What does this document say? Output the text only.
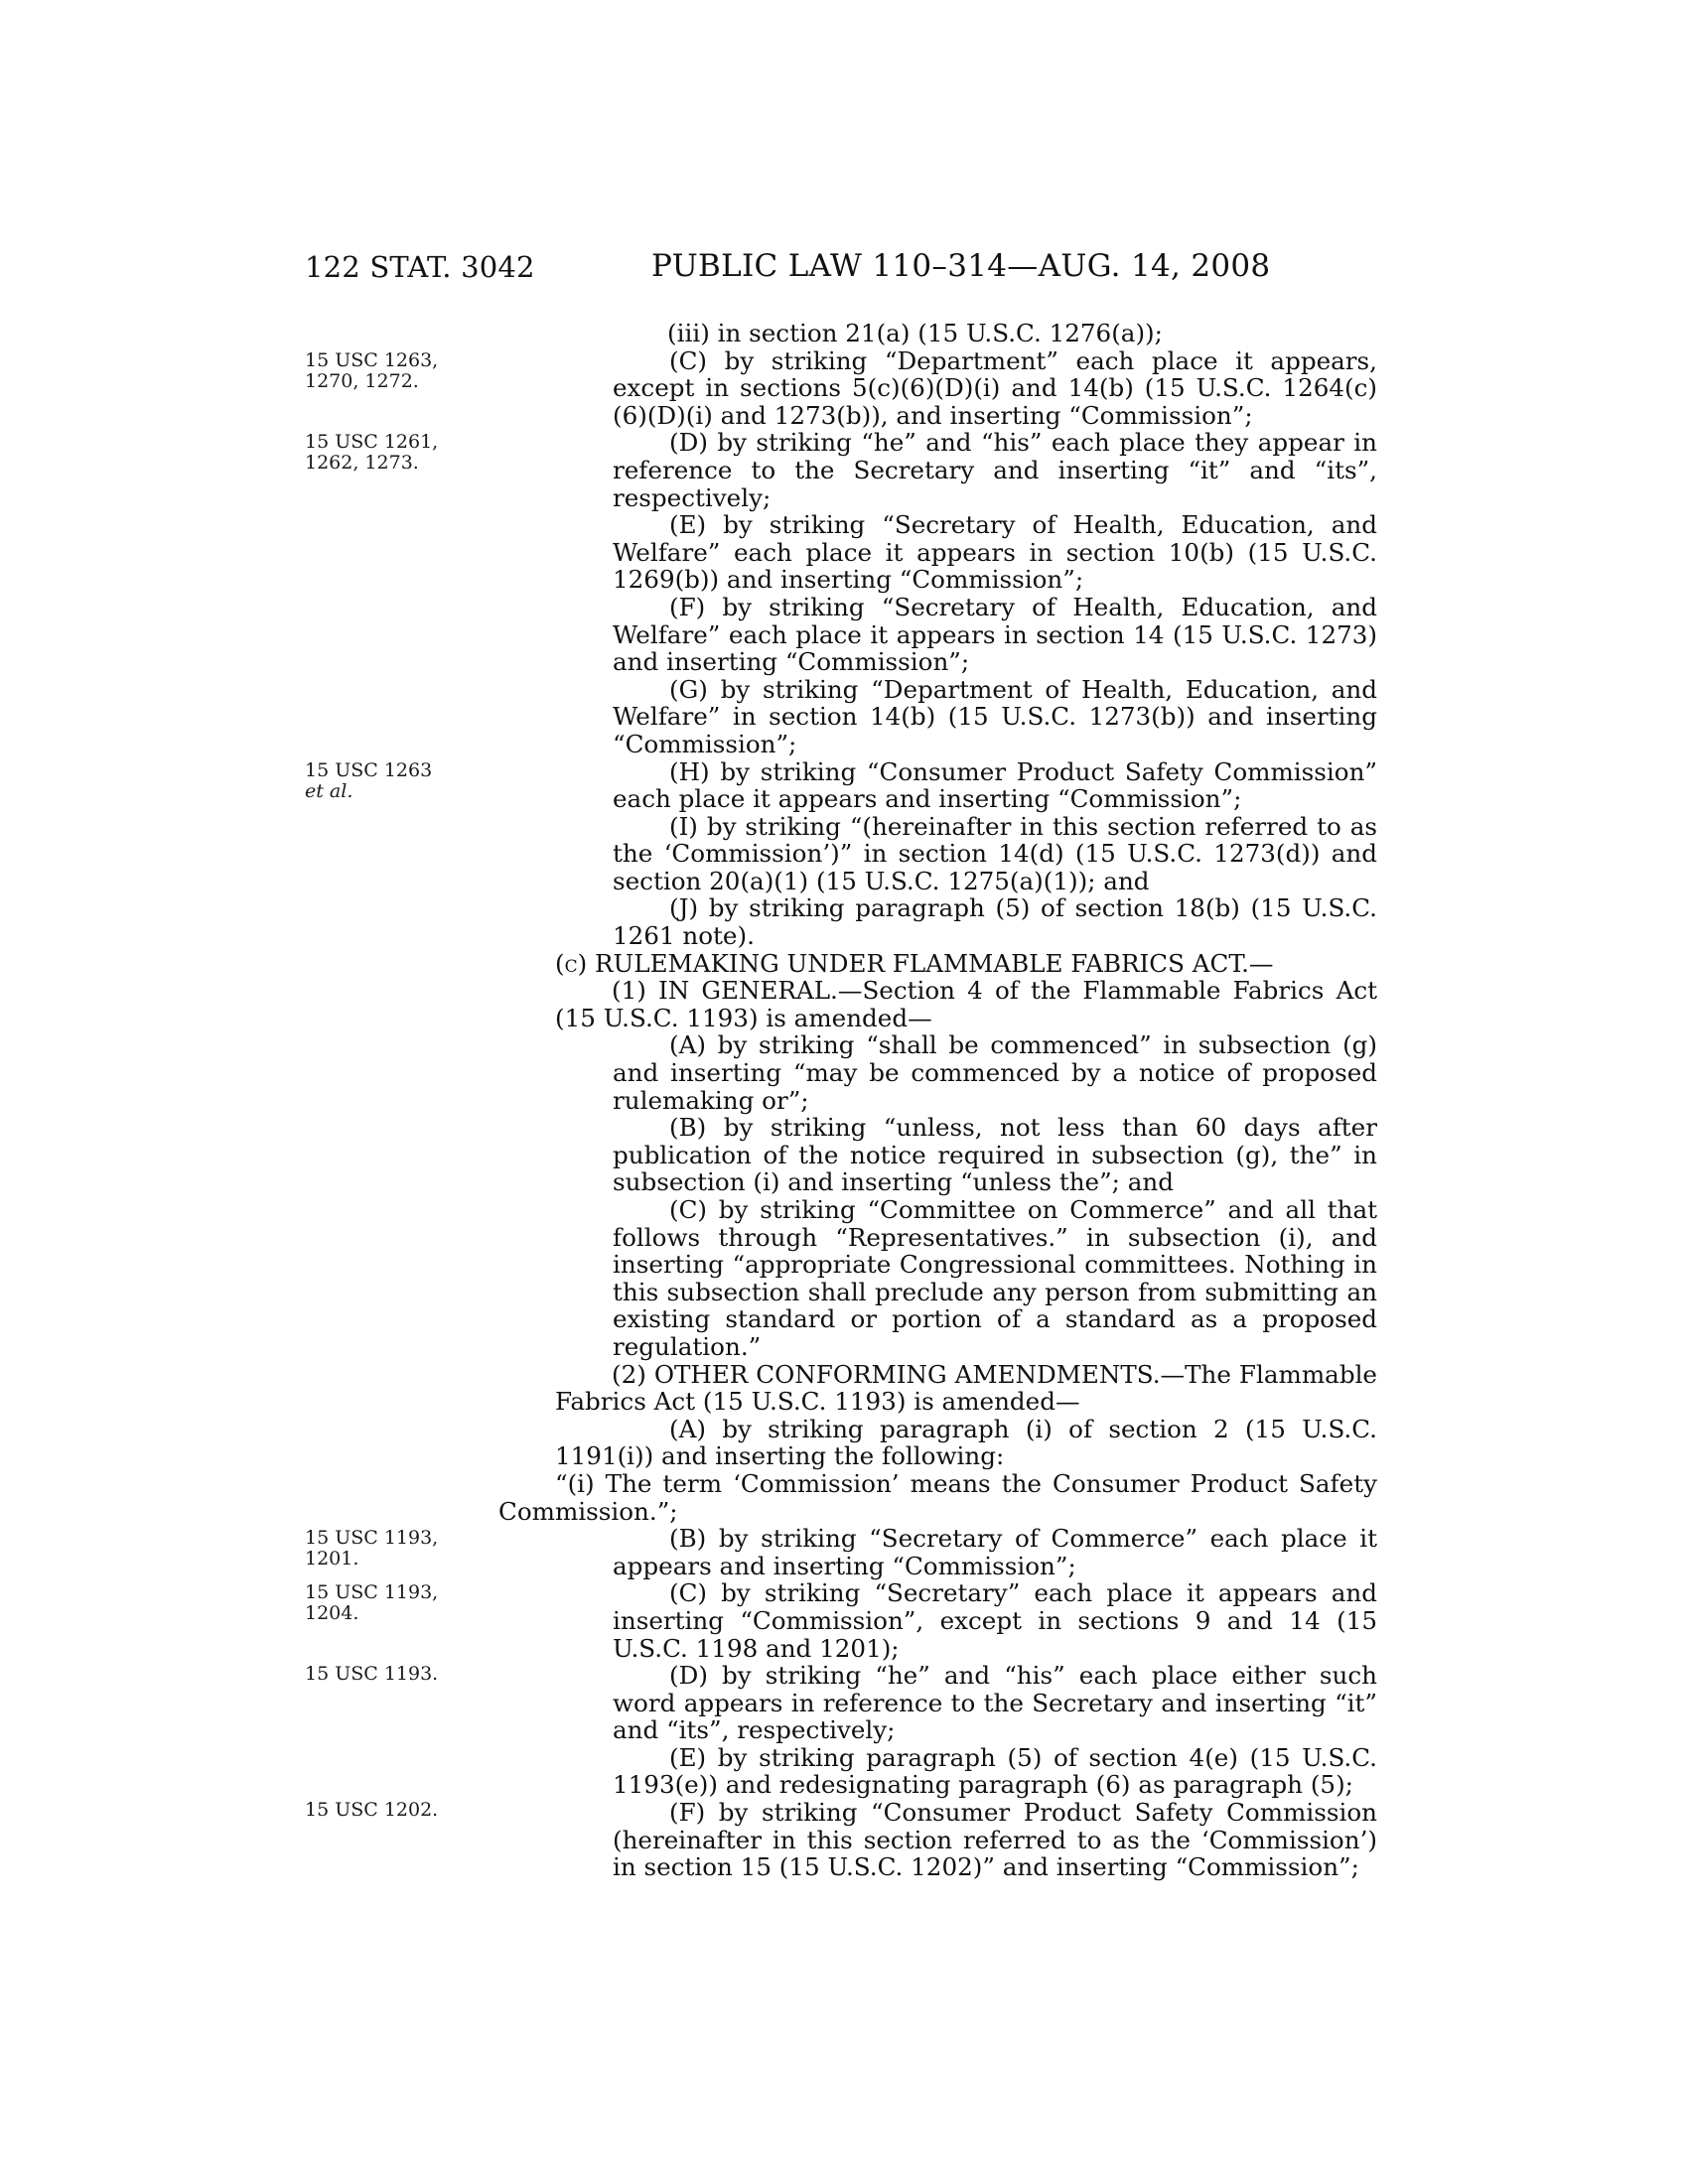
122 STAT. 3042	PUBLIC LAW 110–314—AUG. 14, 2008
15 USC 1263, 1270, 1272.
15 USC 1261, 1262, 1273.
15 USC 1263
et al.
15 USC 1193, 1201.
15 USC 1193, 1204.
15 USC 1193.
15 USC 1202.

(iii) in section 21(a) (15 U.S.C. 1276(a));

(C) by striking “Department” each place it appears, except in sections 5(c)(6)(D)(i) and 14(b) (15 U.S.C. 1264(c)(6)(D)(i) and 1273(b)), and inserting “Commission”;

(D) by striking “he” and “his” each place they appear in reference to the Secretary and inserting “it” and “its”, respectively;

(E) by striking “Secretary of Health, Education, and Welfare” each place it appears in section 10(b) (15 U.S.C. 1269(b)) and inserting “Commission”;

(F) by striking “Secretary of Health, Education, and Welfare” each place it appears in section 14 (15 U.S.C. 1273) and inserting “Commission”;

(G) by striking “Department of Health, Education, and Welfare” in section 14(b) (15 U.S.C. 1273(b)) and inserting “Commission”;

(H) by striking “Consumer Product Safety Commission” each place it appears and inserting “Commission”;

(I) by striking “(hereinafter in this section referred to as the ‘Commission’)” in section 14(d) (15 U.S.C. 1273(d)) and section 20(a)(1) (15 U.S.C. 1275(a)(1)); and

(J) by striking paragraph (5) of section 18(b) (15 U.S.C. 1261 note).

(c) RULEMAKING UNDER FLAMMABLE FABRICS ACT.—

(1) IN GENERAL.—Section 4 of the Flammable Fabrics Act (15 U.S.C. 1193) is amended—

(A) by striking “shall be commenced” in subsection (g) and inserting “may be commenced by a notice of proposed rulemaking or”;

(B) by striking “unless, not less than 60 days after publication of the notice required in subsection (g), the” in subsection (i) and inserting “unless the”; and

(C) by striking “Committee on Commerce” and all that follows through “Representatives.” in subsection (i), and inserting “appropriate Congressional committees. Nothing in this subsection shall preclude any person from submitting an existing standard or portion of a standard as a proposed regulation.”

(2) OTHER CONFORMING AMENDMENTS.—The Flammable Fabrics Act (15 U.S.C. 1193) is amended—

(A) by striking paragraph (i) of section 2 (15 U.S.C. 1191(i)) and inserting the following:

“(i) The term ‘Commission’ means the Consumer Product Safety Commission.”;

(B) by striking “Secretary of Commerce” each place it appears and inserting “Commission”;

(C) by striking “Secretary” each place it appears and inserting “Commission”, except in sections 9 and 14 (15 U.S.C. 1198 and 1201);

(D) by striking “he” and “his” each place either such word appears in reference to the Secretary and inserting “it” and “its”, respectively;

(E) by striking paragraph (5) of section 4(e) (15 U.S.C. 1193(e)) and redesignating paragraph (6) as paragraph (5);

(F) by striking “Consumer Product Safety Commission (hereinafter in this section referred to as the ‘Commission’) in section 15 (15 U.S.C. 1202)” and inserting “Commission”;
